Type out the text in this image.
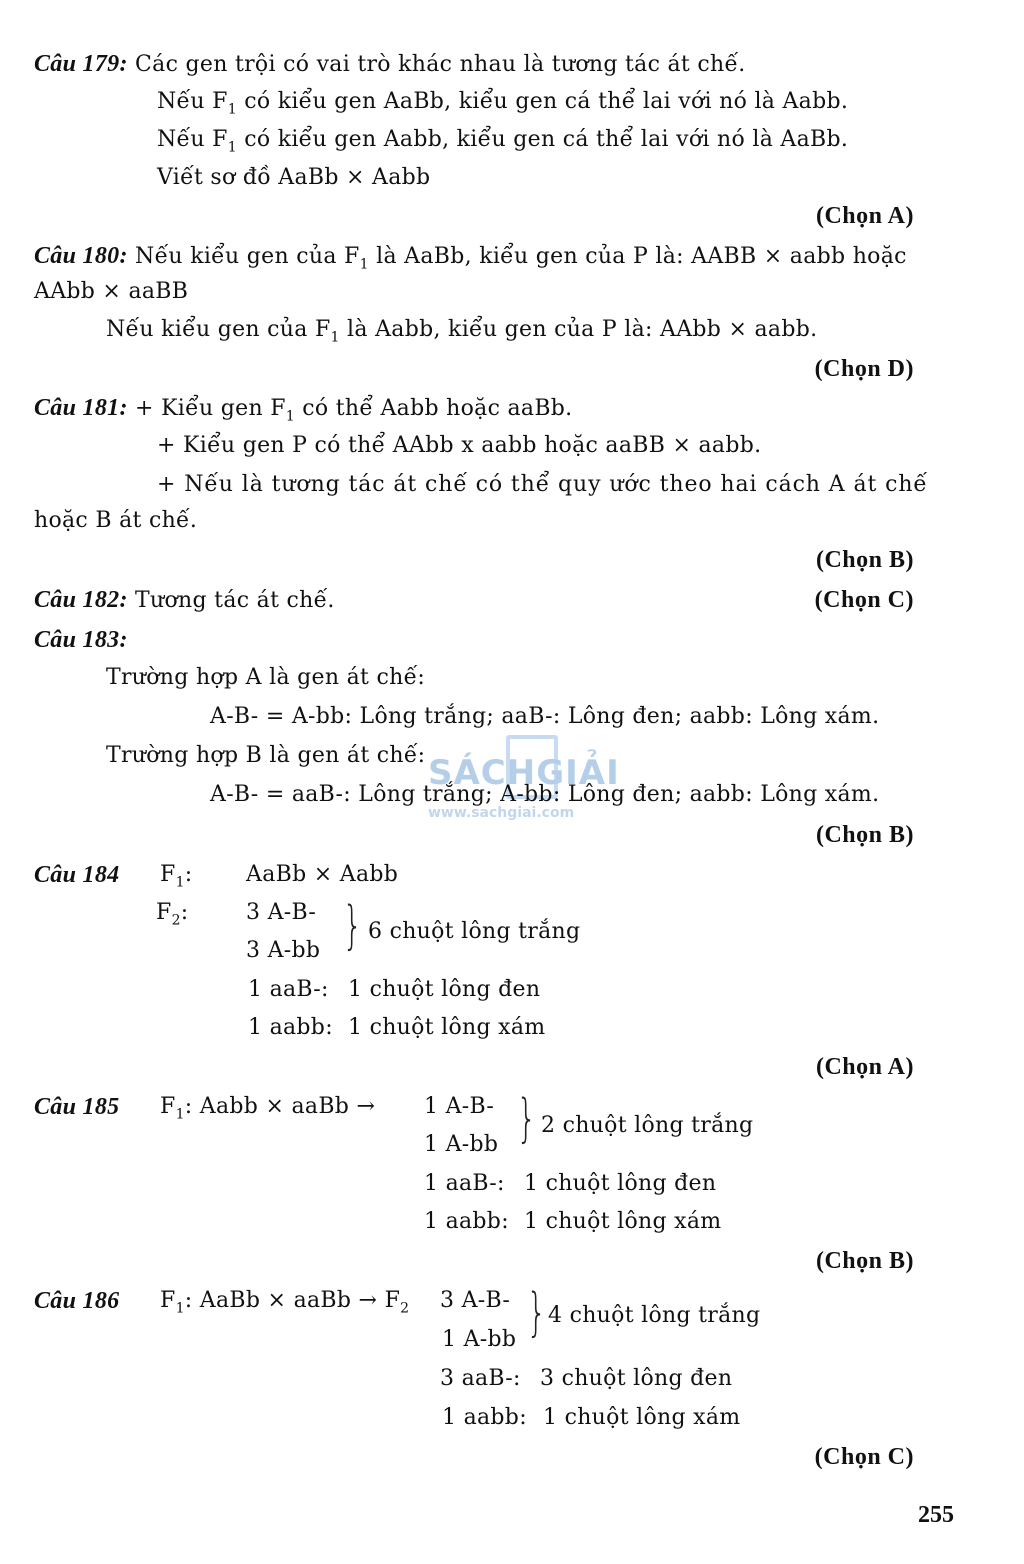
SÁCHGIẢI
www.sachgiai.com
Câu 179: Các gen trội có vai trò khác nhau là tương tác át chế.
Nếu $F_1$ có kiểu gen AaBb, kiểu gen cá thể lai với nó là Aabb.
Nếu $F_1$ có kiểu gen Aabb, kiểu gen cá thể lai với nó là AaBb.
Viết sơ đồ AaBb × Aabb
(Chọn A)
Câu 180: Nếu kiểu gen của $F_1$ là AaBb, kiểu gen của P là: AABB × aabb hoặc
AAbb × aaBB
Nếu kiểu gen của $F_1$ là Aabb, kiểu gen của P là: AAbb × aabb.
(Chọn D)
Câu 181: + Kiểu gen $F_1$ có thể Aabb hoặc aaBb.
+ Kiểu gen P có thể AAbb x aabb hoặc aaBB × aabb.
+ Nếu là tương tác át chế có thể quy ước theo hai cách A át chế
hoặc B át chế.
(Chọn B)
Câu 182: Tương tác át chế.	(Chọn C)
Câu 183:
Trường hợp A là gen át chế:
A-B- = A-bb: Lông trắng; aaB-: Lông đen; aabb: Lông xám.
Trường hợp B là gen át chế:
A-B- = aaB-: Lông trắng; A-bb: Lông đen; aabb: Lông xám.
(Chọn B)
Câu 184 $F_1$: AaBb × Aabb
$F_2$:	3 A-B-
3 A-bb } 6 chuột lông trắng
1 aaB-: 1 chuột lông đen
1 aabb: 1 chuột lông xám
(Chọn A)
Câu 185 $F_1$: Aabb × aaBb → 1 A-B-
1 A-bb } 2 chuột lông trắng
1 aaB-: 1 chuột lông đen
1 aabb: 1 chuột lông xám
(Chọn B)
Câu 186 $F_1$: AaBb × aaBb → $F_2$ 3 A-B-
1 A-bb } 4 chuột lông trắng
3 aaB-: 3 chuột lông đen
1 aabb: 1 chuột lông xám
(Chọn C)
255
